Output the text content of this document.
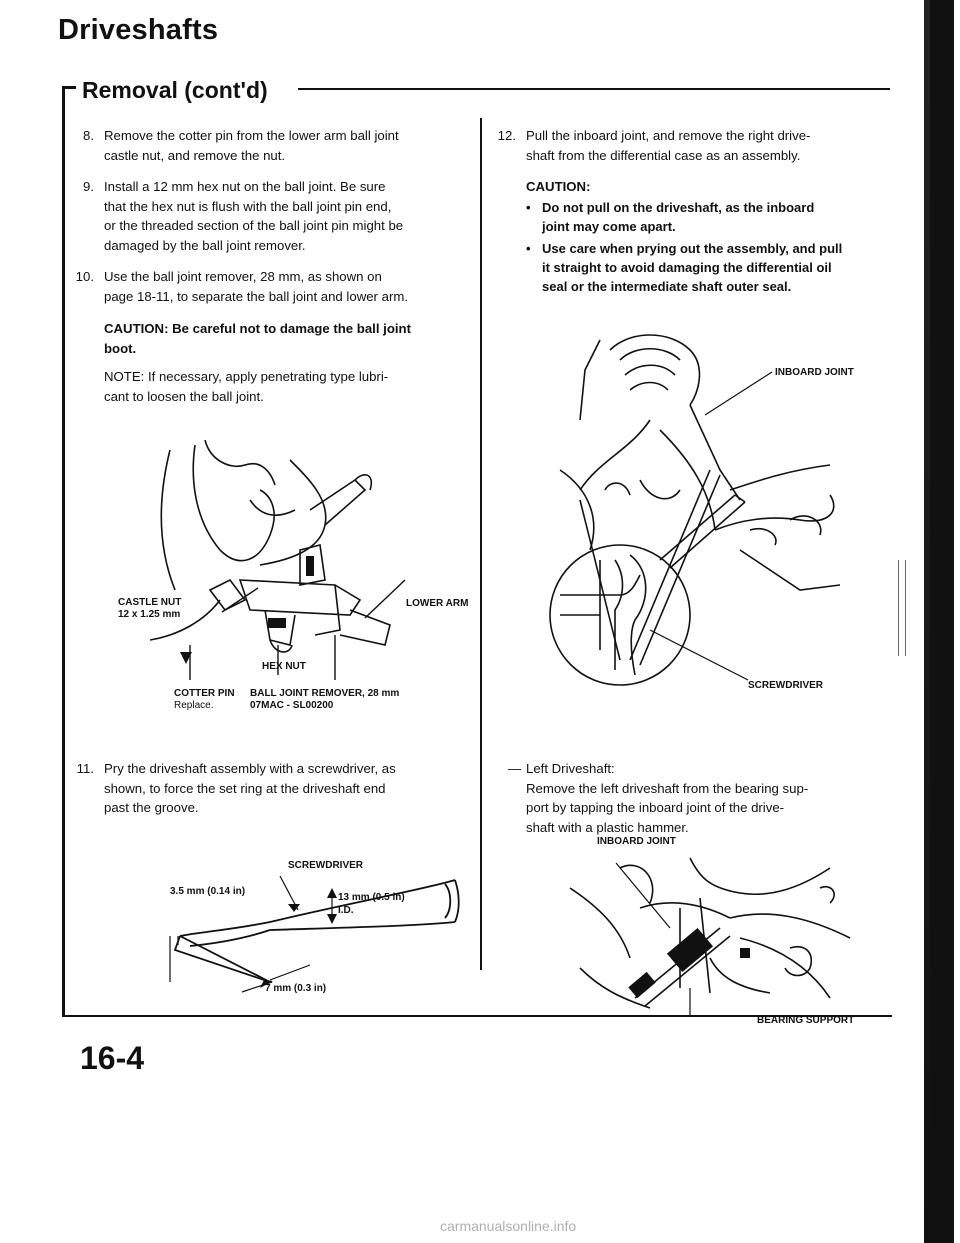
Driveshafts
Removal (cont'd)
8. Remove the cotter pin from the lower arm ball joint
castle nut, and remove the nut.
9. Install a 12 mm hex nut on the ball joint. Be sure
that the hex nut is flush with the ball joint pin end,
or the threaded section of the ball joint pin might be
damaged by the ball joint remover.
10. Use the ball joint remover, 28 mm, as shown on
page 18-11, to separate the ball joint and lower arm.
CAUTION: Be careful not to damage the ball joint
boot.
NOTE: If necessary, apply penetrating type lubri-
cant to loosen the ball joint.
CASTLE NUT
12 x 1.25 mm
LOWER ARM
HEX NUT
COTTER PIN
Replace.
BALL JOINT REMOVER, 28 mm
07MAC - SL00200
11. Pry the driveshaft assembly with a screwdriver, as
shown, to force the set ring at the driveshaft end
past the groove.
SCREWDRIVER
3.5 mm (0.14 in)
13 mm (0.5 in)
I.D.
7 mm (0.3 in)
12. Pull the inboard joint, and remove the right drive-
shaft from the differential case as an assembly.
CAUTION:
• Do not pull on the driveshaft, as the inboard
joint may come apart.
• Use care when prying out the assembly, and pull
it straight to avoid damaging the differential oil
seal or the intermediate shaft outer seal.
INBOARD JOINT
SCREWDRIVER
— Left Driveshaft:
Remove the left driveshaft from the bearing sup-
port by tapping the inboard joint of the drive-
shaft with a plastic hammer.
INBOARD JOINT
BEARING SUPPORT
16-4
carmanualsonline.info
